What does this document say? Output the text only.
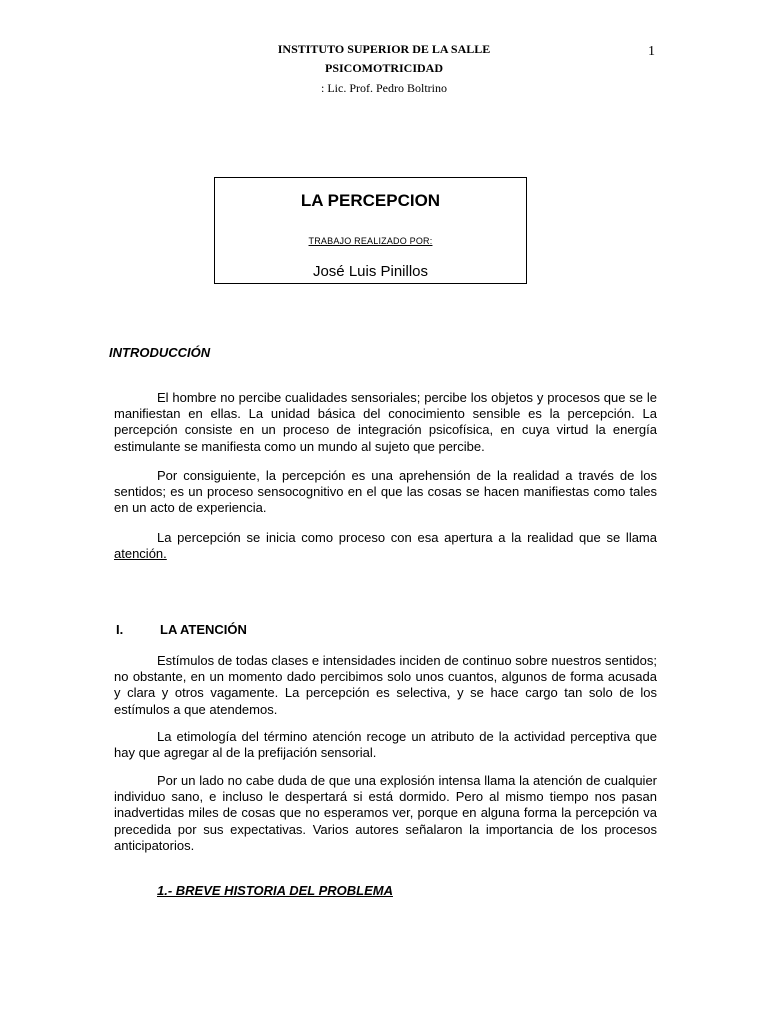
INSTITUTO SUPERIOR DE LA SALLE
PSICOMOTRICIDAD
: Lic. Prof. Pedro Boltrino
1
LA PERCEPCION
TRABAJO REALIZADO POR:
José Luis Pinillos
INTRODUCCIÓN

El hombre no percibe cualidades sensoriales; percibe los objetos y procesos que se le manifiestan en ellas. La unidad básica del conocimiento sensible es la percepción. La percepción consiste en un proceso de integración psicofísica, en cuya virtud la energía estimulante se manifiesta como un mundo al sujeto que percibe.

Por consiguiente, la percepción es una aprehensión de la realidad a través de los sentidos; es un proceso sensocognitivo en el que las cosas se hacen manifiestas como tales en un acto de experiencia.

La percepción se inicia como proceso con esa apertura a la realidad que se llama atención.

I.	LA ATENCIÓN

Estímulos de todas clases e intensidades inciden de continuo sobre nuestros sentidos; no obstante, en un momento dado percibimos solo unos cuantos, algunos de forma acusada y clara y otros vagamente. La percepción es selectiva, y se hace cargo tan solo de los estímulos a que atendemos.

La etimología del término atención recoge un atributo de la actividad perceptiva que hay que agregar al de la prefijación sensorial.

Por un lado no cabe duda de que una explosión intensa llama la atención de cualquier individuo sano, e incluso le despertará si está dormido. Pero al mismo tiempo nos pasan inadvertidas miles de cosas que no esperamos ver, porque en alguna forma la percepción va precedida por sus expectativas. Varios autores señalaron la importancia de los procesos anticipatorios.

1.- BREVE HISTORIA DEL PROBLEMA
